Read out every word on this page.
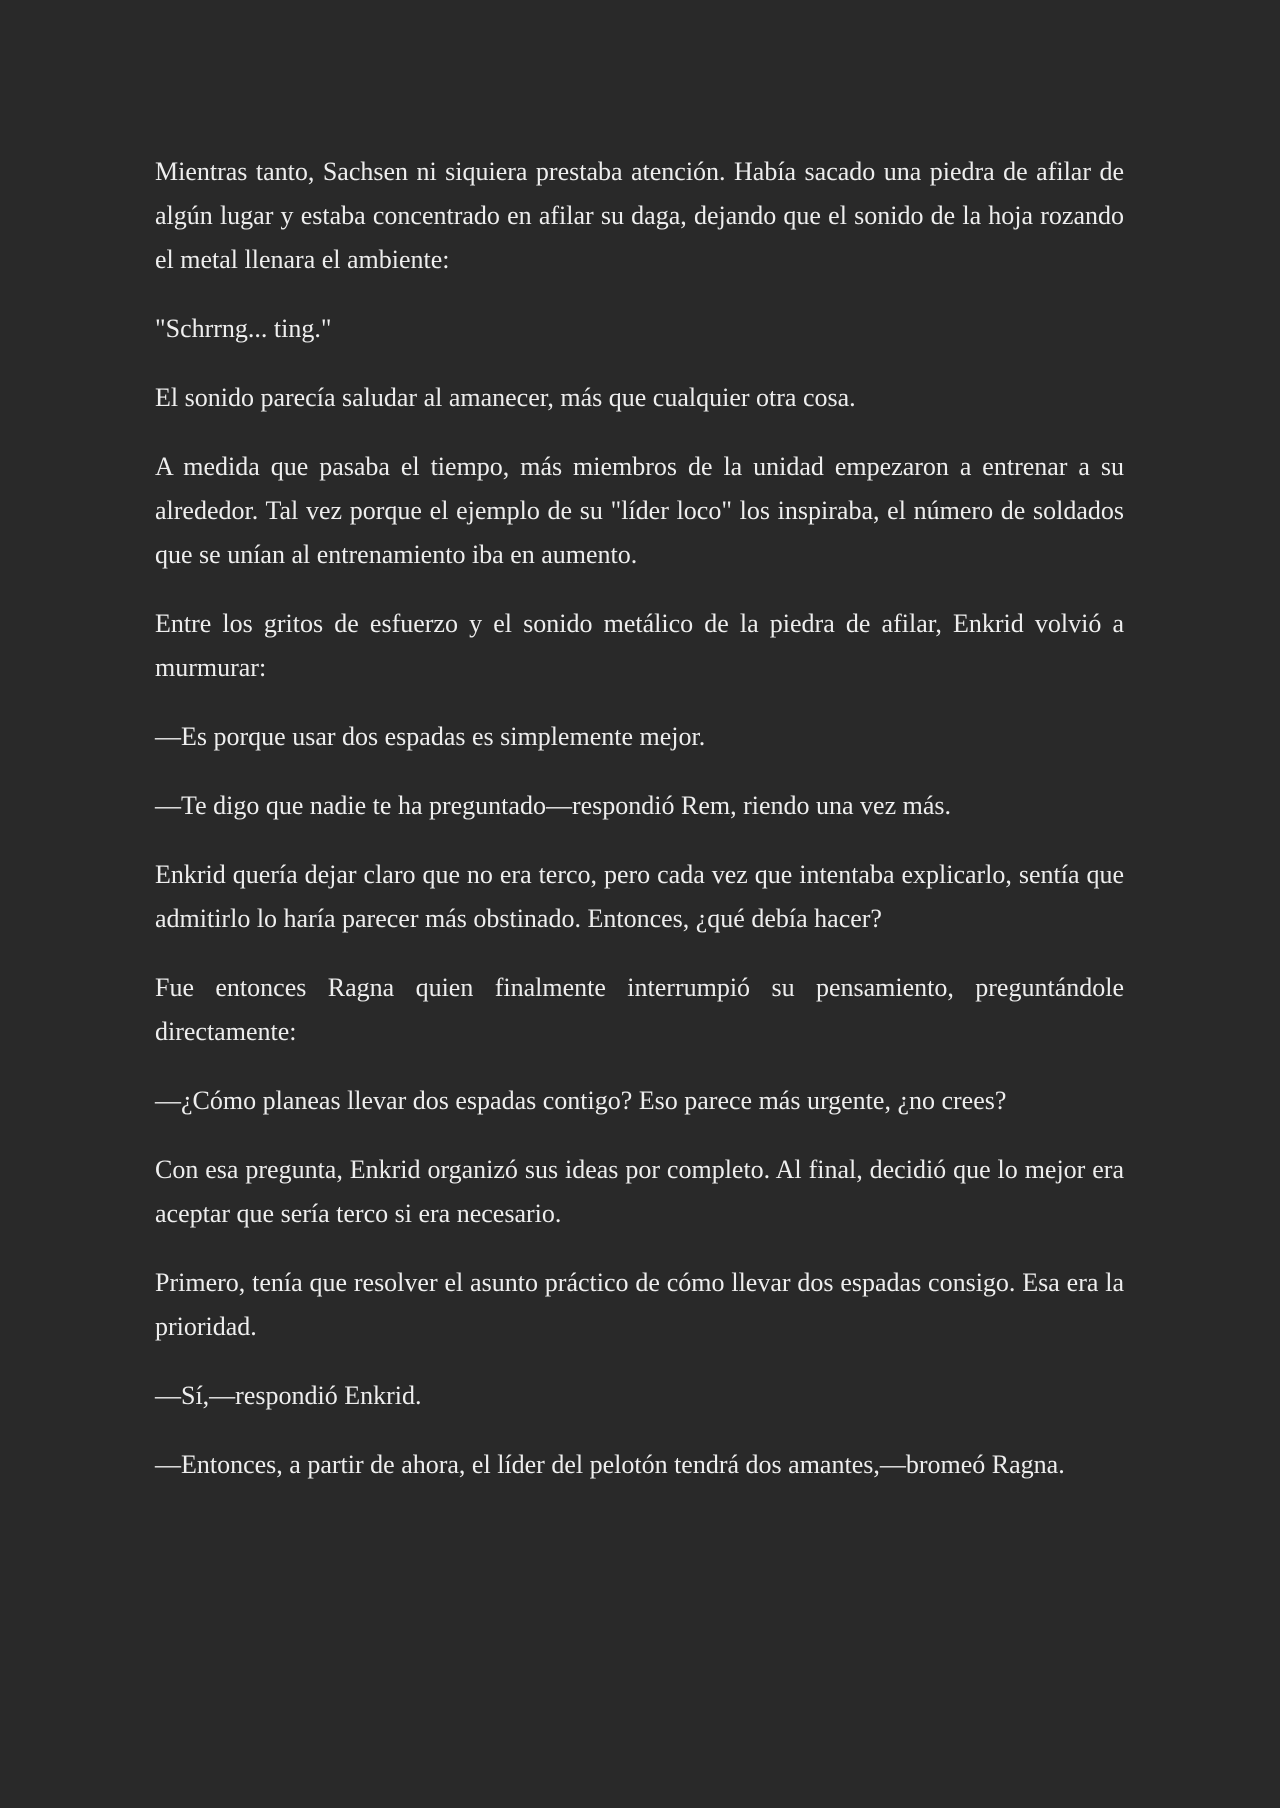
Mientras tanto, Sachsen ni siquiera prestaba atención. Había sacado una piedra de afilar de algún lugar y estaba concentrado en afilar su daga, dejando que el sonido de la hoja rozando el metal llenara el ambiente:

"Schrrng... ting."

El sonido parecía saludar al amanecer, más que cualquier otra cosa.

A medida que pasaba el tiempo, más miembros de la unidad empezaron a entrenar a su alrededor. Tal vez porque el ejemplo de su "líder loco" los inspiraba, el número de soldados que se unían al entrenamiento iba en aumento.

Entre los gritos de esfuerzo y el sonido metálico de la piedra de afilar, Enkrid volvió a murmurar:

—Es porque usar dos espadas es simplemente mejor.

—Te digo que nadie te ha preguntado—respondió Rem, riendo una vez más.

Enkrid quería dejar claro que no era terco, pero cada vez que intentaba explicarlo, sentía que admitirlo lo haría parecer más obstinado. Entonces, ¿qué debía hacer?

Fue entonces Ragna quien finalmente interrumpió su pensamiento, preguntándole directamente:

—¿Cómo planeas llevar dos espadas contigo? Eso parece más urgente, ¿no crees?

Con esa pregunta, Enkrid organizó sus ideas por completo. Al final, decidió que lo mejor era aceptar que sería terco si era necesario.

Primero, tenía que resolver el asunto práctico de cómo llevar dos espadas consigo. Esa era la prioridad.

—Sí,—respondió Enkrid.

—Entonces, a partir de ahora, el líder del pelotón tendrá dos amantes,—bromeó Ragna.
